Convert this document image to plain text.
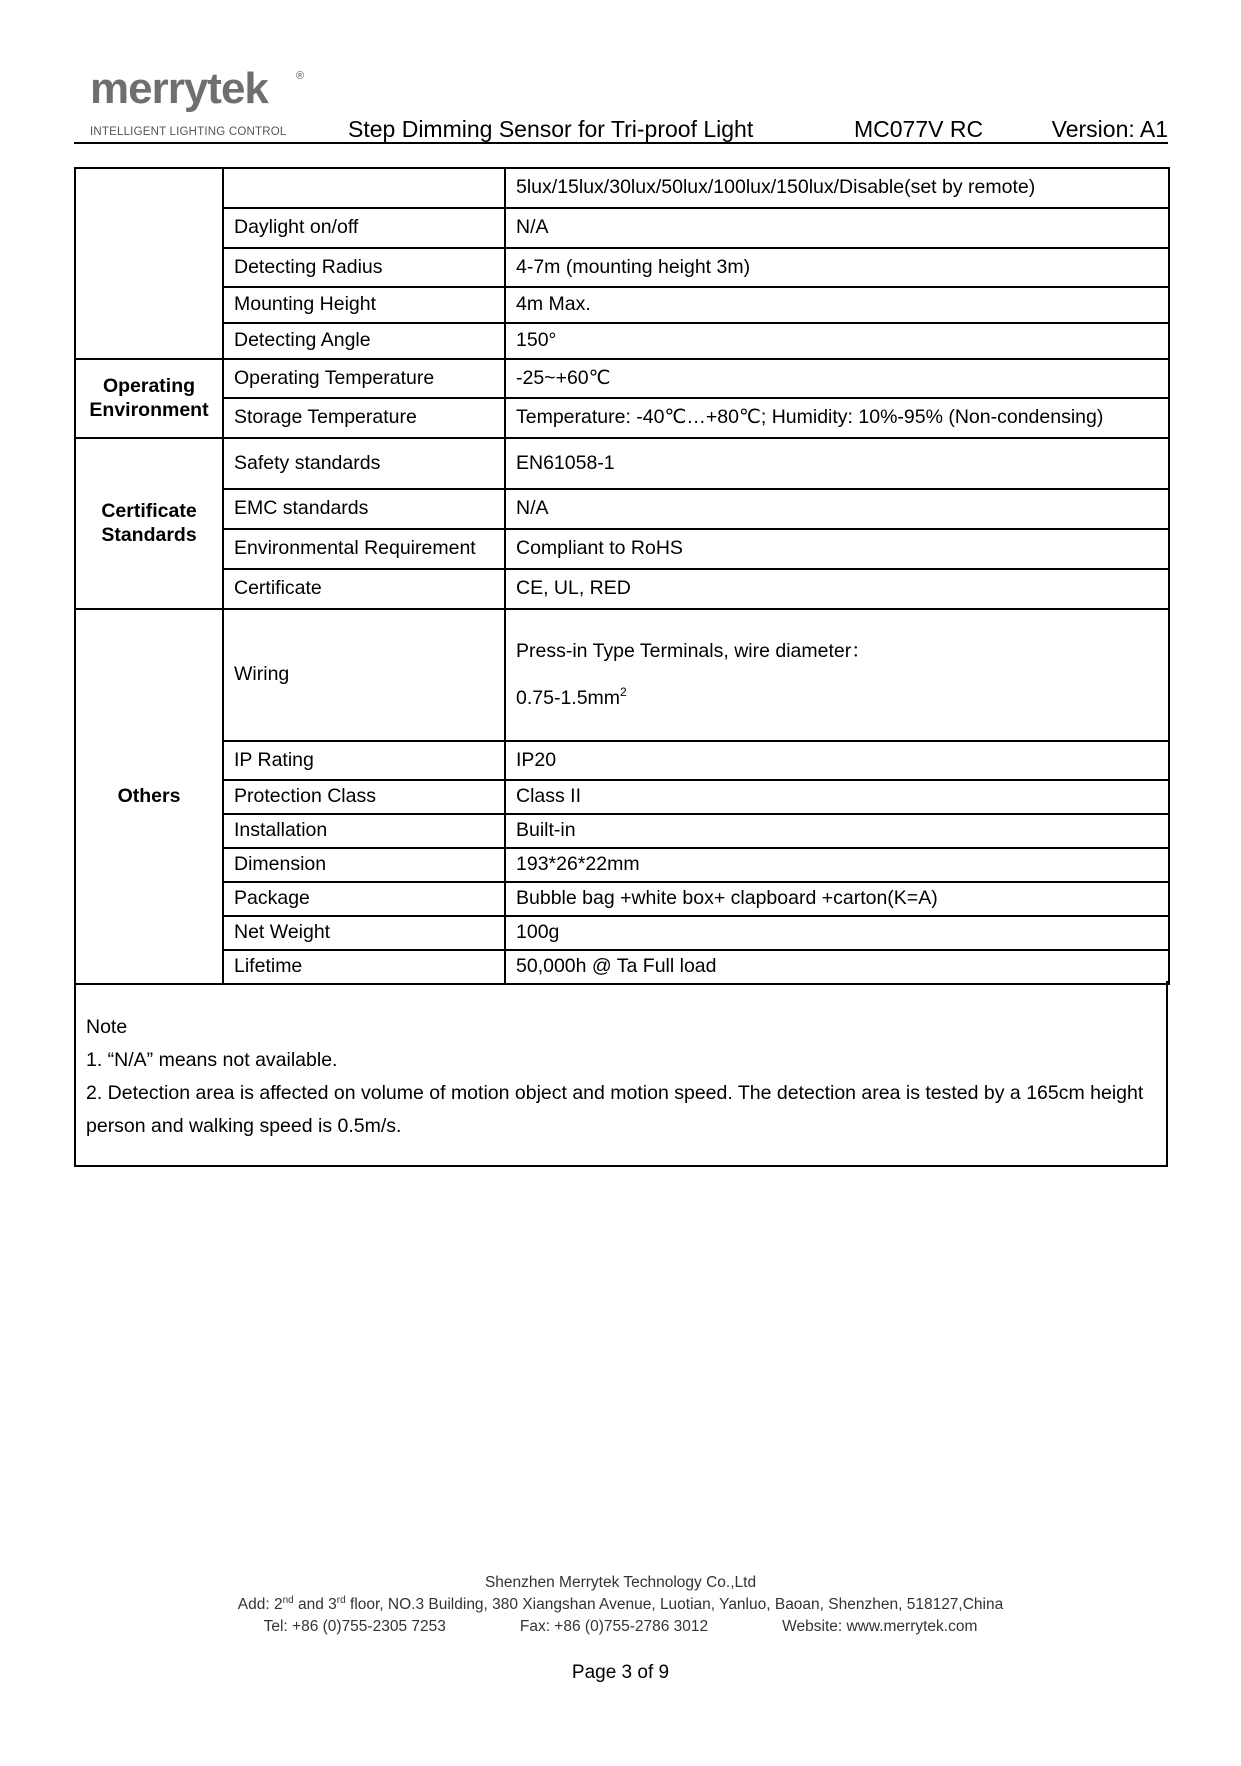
merrytek	®
INTELLIGENT LIGHTING CONTROL	Step Dimming Sensor for Tri-proof Light	MC077V RC	Version: A1
		5lux/15lux/30lux/50lux/100lux/150lux/Disable(set by remote)
	Daylight on/off	N/A
	Detecting Radius	4-7m (mounting height 3m)
	Mounting Height	4m Max.
	Detecting Angle	150°
Operating
Environment	Operating Temperature	-25~+60℃
	Storage Temperature	Temperature: -40℃…+80℃; Humidity: 10%-95% (Non-condensing)
Certificate
Standards	Safety standards	EN61058-1
	EMC standards	N/A
	Environmental Requirement	Compliant to RoHS
	Certificate	CE, UL, RED
Others	Wiring	Press-in Type Terminals, wire diameter：
$0.75-1.5mm^2$

	IP Rating	IP20
	Protection Class	Class II
	Installation	Built-in
	Dimension	193*26*22mm
	Package	Bubble bag +white box+ clapboard +carton(K=A)
	Net Weight	100g
	Lifetime	50,000h @ Ta Full load

Note

1. “N/A” means not available.

2. Detection area is affected on volume of motion object and motion speed. The detection area is tested by a 165cm height person and walking speed is 0.5m/s.

Shenzhen Merrytek Technology Co.,Ltd
Add: 2nd and 3rd floor, NO.3 Building, 380 Xiangshan Avenue, Luotian, Yanluo, Baoan, Shenzhen, 518127,China
Tel: +86 (0)755-2305 7253	Fax: +86 (0)755-2786 3012	Website: www.merrytek.com
Page 3 of 9
